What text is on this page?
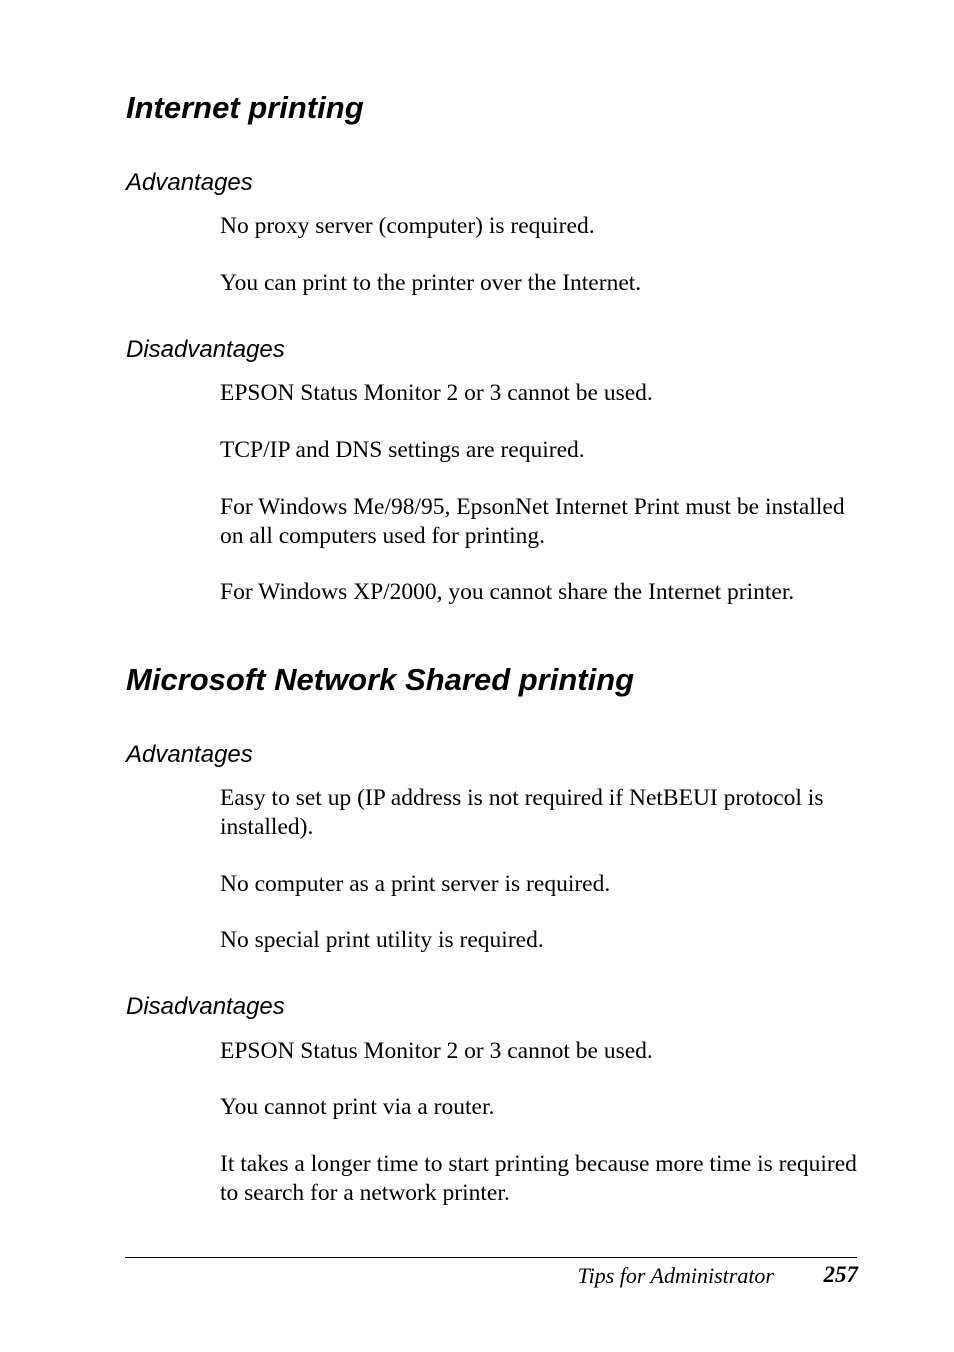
Internet printing
Advantages

No proxy server (computer) is required.

You can print to the printer over the Internet.

Disadvantages

EPSON Status Monitor 2 or 3 cannot be used.

TCP/IP and DNS settings are required.

For Windows Me/98/95, EpsonNet Internet Print must be installed on all computers used for printing.

For Windows XP/2000, you cannot share the Internet printer.

Microsoft Network Shared printing
Advantages

Easy to set up (IP address is not required if NetBEUI protocol is installed).

No computer as a print server is required.

No special print utility is required.

Disadvantages

EPSON Status Monitor 2 or 3 cannot be used.

You cannot print via a router.

It takes a longer time to start printing because more time is required to search for a network printer.

Tips for Administrator 257
